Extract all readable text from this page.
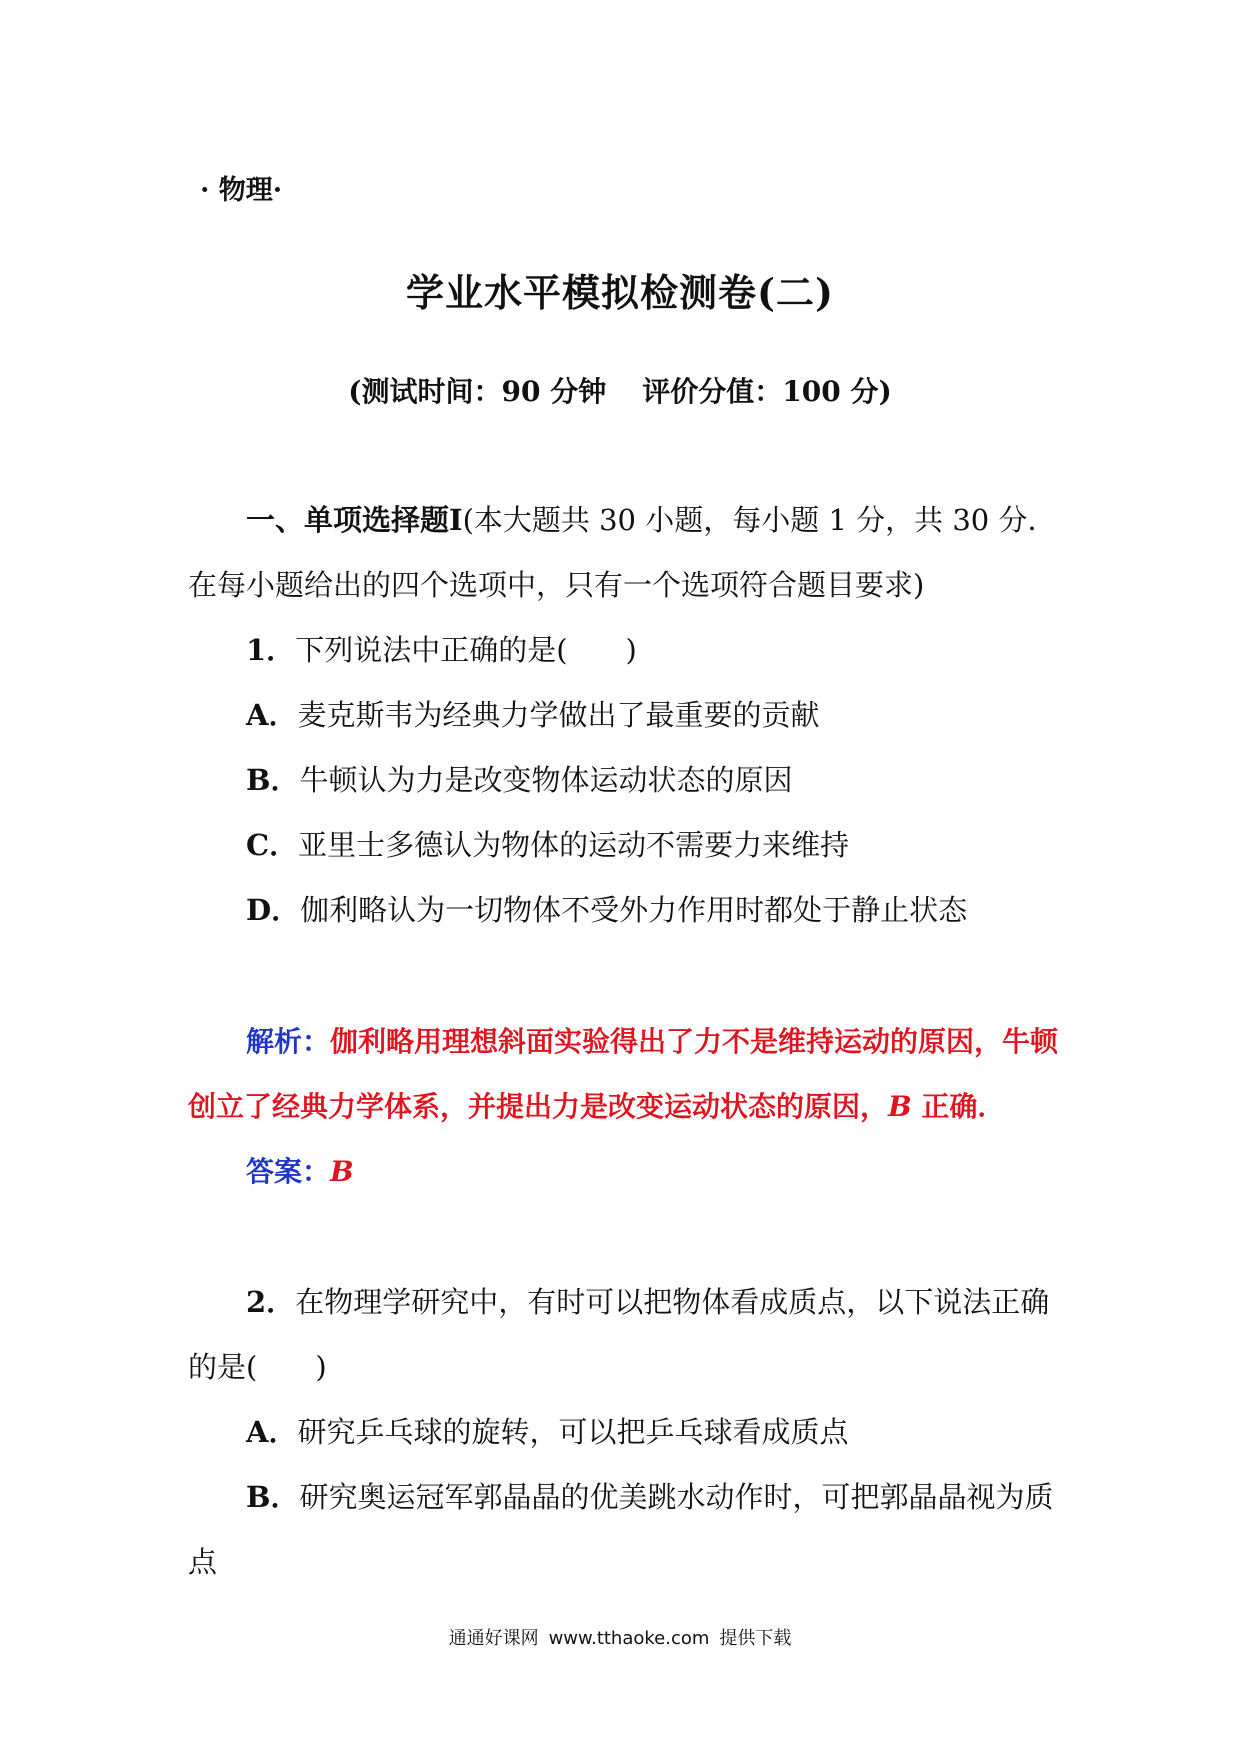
· 物理·
学业水平模拟检测卷(二)
(测试时间：90 分钟 评价分值：100 分)

一、单项选择题Ⅰ(本大题共 30 小题，每小题 1 分，共 30 分．在每小题给出的四个选项中，只有一个选项符合题目要求)

1．下列说法中正确的是(　　)

A．麦克斯韦为经典力学做出了最重要的贡献

B．牛顿认为力是改变物体运动状态的原因

C．亚里士多德认为物体的运动不需要力来维持

D．伽利略认为一切物体不受外力作用时都处于静止状态

解析：伽利略用理想斜面实验得出了力不是维持运动的原因，牛顿创立了经典力学体系，并提出力是改变运动状态的原因，B 正确．

答案：B

2．在物理学研究中，有时可以把物体看成质点，以下说法正确的是(　　)

A．研究乒乓球的旋转，可以把乒乓球看成质点

B．研究奥运冠军郭晶晶的优美跳水动作时，可把郭晶晶视为质点

通通好课网 www.tthaoke.com 提供下载
